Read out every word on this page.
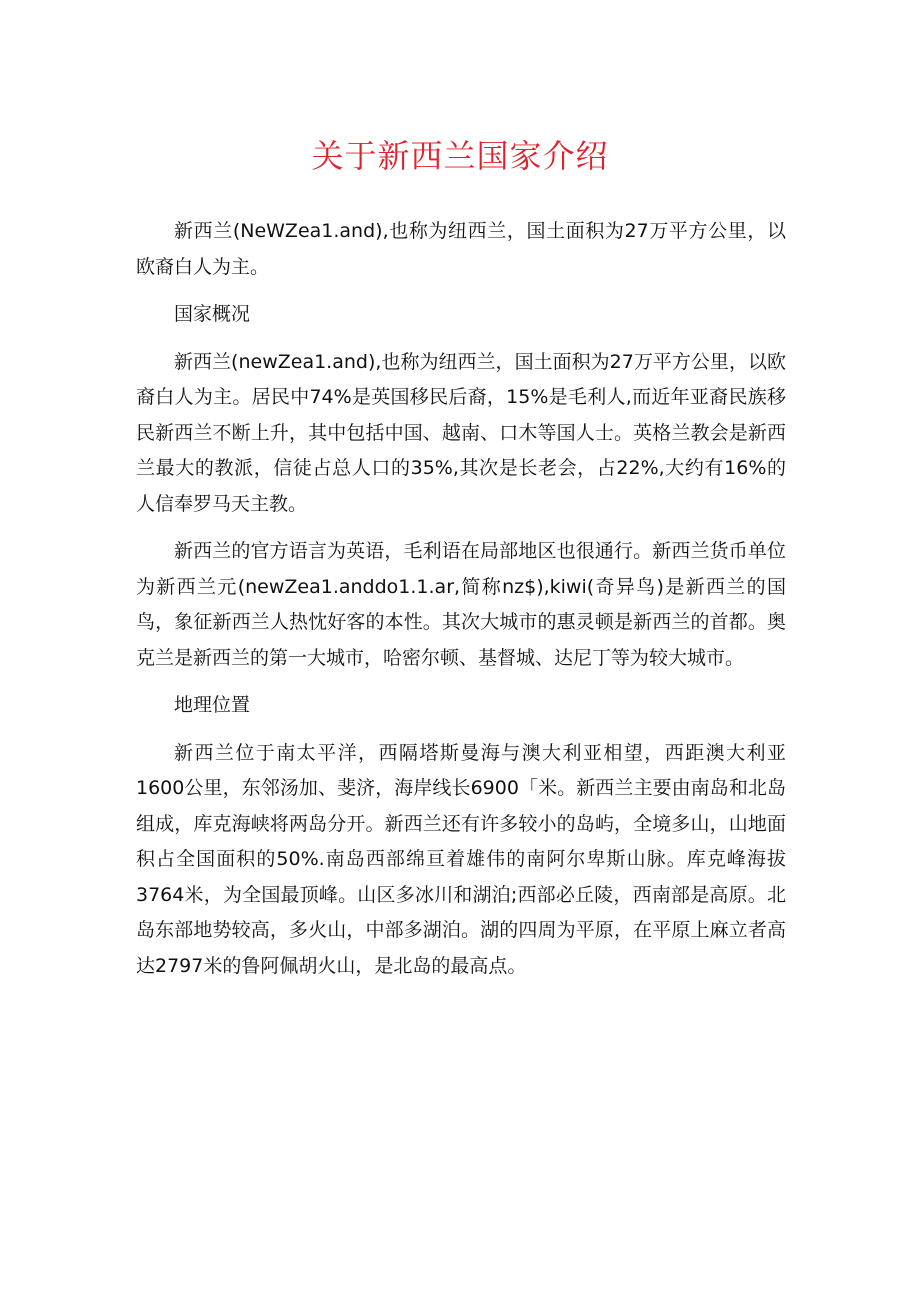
关于新西兰国家介绍

新西兰(NeWZea1.and),也称为纽西兰，国土面积为27万平方公里，以欧裔白人为主。

国家概况

新西兰(newZea1.and),也称为纽西兰，国土面积为27万平方公里，以欧裔白人为主。居民中74%是英国移民后裔，15%是毛利人,而近年亚裔民族移民新西兰不断上升，其中包括中国、越南、口木等国人士。英格兰教会是新西兰最大的教派，信徒占总人口的35%,其次是长老会，占22%,大约有16%的人信奉罗马天主教。

新西兰的官方语言为英语，毛利语在局部地区也很通行。新西兰货币单位为新西兰元(newZea1.anddo1.1.ar,简称nz$),kiwi(奇异鸟)是新西兰的国鸟，象征新西兰人热忱好客的本性。其次大城市的惠灵顿是新西兰的首都。奥克兰是新西兰的第一大城市，哈密尔顿、基督城、达尼丁等为较大城市。

地理位置

新西兰位于南太平洋，西隔塔斯曼海与澳大利亚相望，西距澳大利亚1600公里，东邻汤加、斐济，海岸线长6900「米。新西兰主要由南岛和北岛组成，库克海峡将两岛分开。新西兰还有许多较小的岛屿，全境多山，山地面积占全国面积的50%.南岛西部绵亘着雄伟的南阿尔卑斯山脉。库克峰海拔3764米，为全国最顶峰。山区多冰川和湖泊;西部必丘陵，西南部是高原。北岛东部地势较高，多火山，中部多湖泊。湖的四周为平原，在平原上麻立者高达2797米的鲁阿佩胡火山，是北岛的最高点。
